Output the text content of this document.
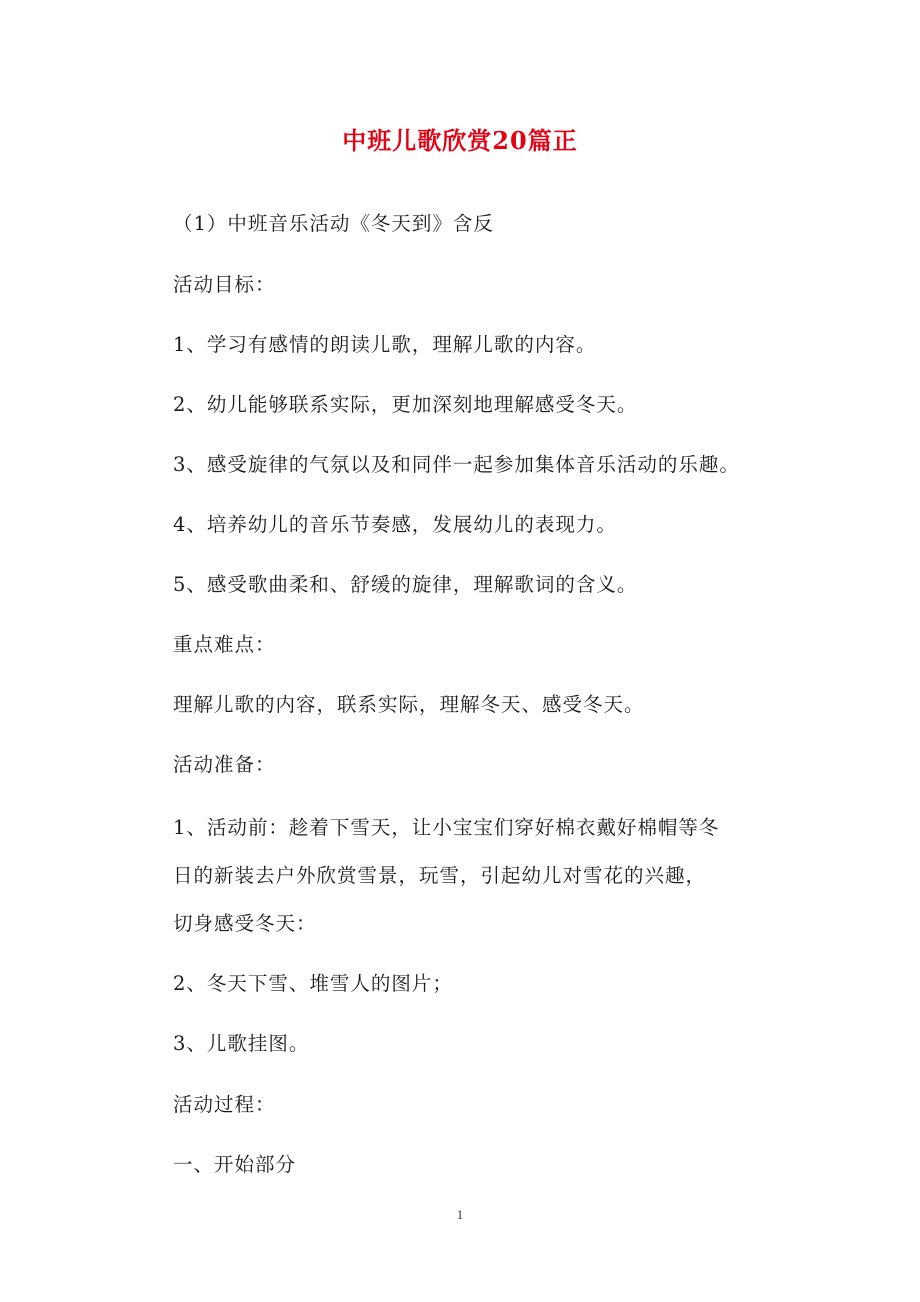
中班儿歌欣赏20篇正
（1）中班音乐活动《冬天到》含反
活动目标：
1、学习有感情的朗读儿歌，理解儿歌的内容。
2、幼儿能够联系实际，更加深刻地理解感受冬天。
3、感受旋律的气氛以及和同伴一起参加集体音乐活动的乐趣。
4、培养幼儿的音乐节奏感，发展幼儿的表现力。
5、感受歌曲柔和、舒缓的旋律，理解歌词的含义。
重点难点：
理解儿歌的内容，联系实际，理解冬天、感受冬天。
活动准备：
1、活动前：趁着下雪天，让小宝宝们穿好棉衣戴好棉帽等冬
日的新装去户外欣赏雪景，玩雪，引起幼儿对雪花的兴趣，
切身感受冬天：
2、冬天下雪、堆雪人的图片；
3、儿歌挂图。
活动过程：
一、开始部分
1
